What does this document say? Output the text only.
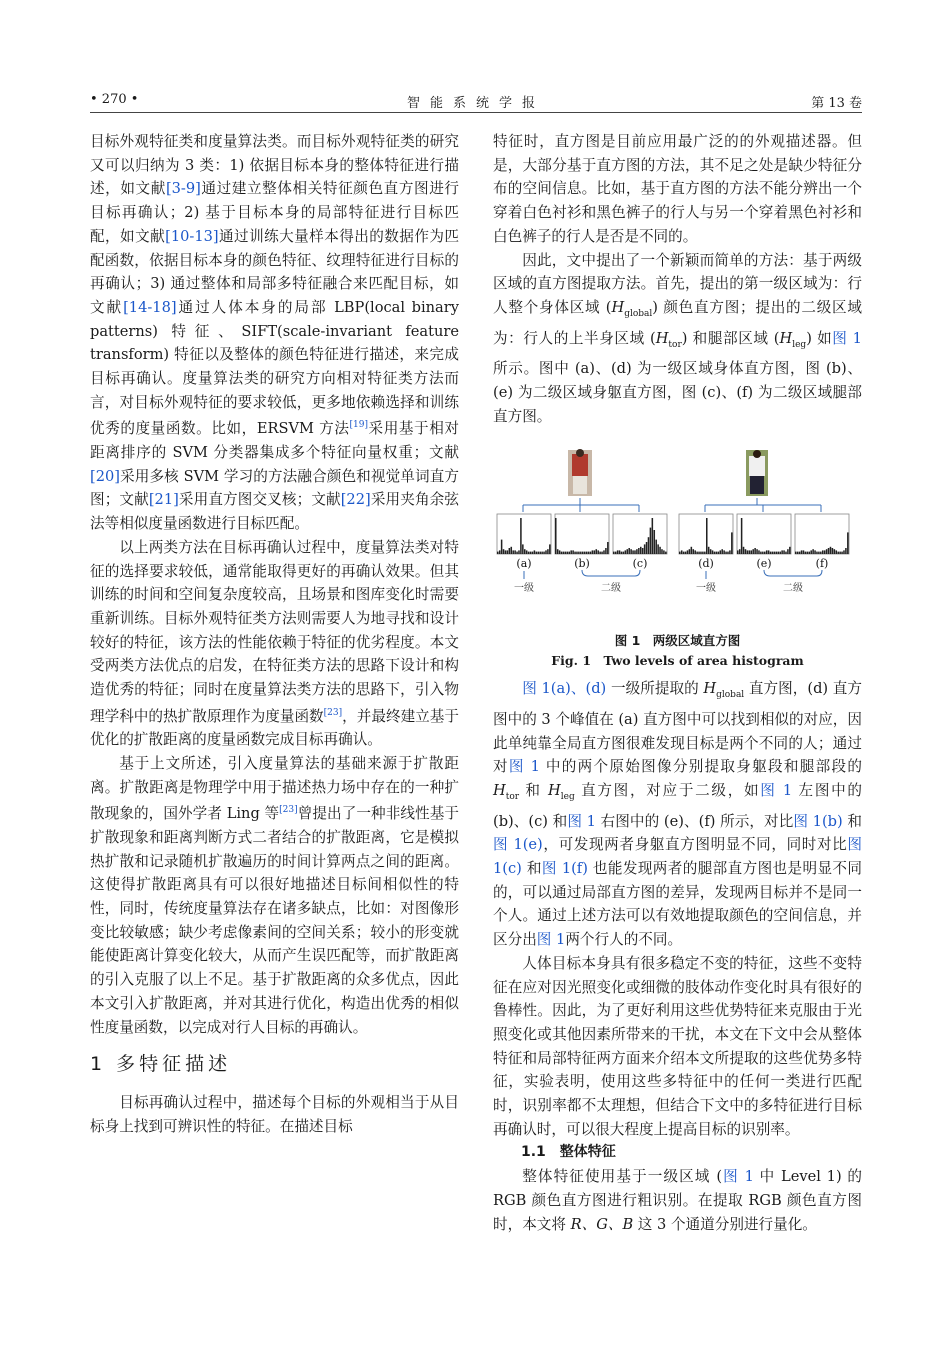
• 270 •	智能系统学报	第 13 卷

目标外观特征类和度量算法类。而目标外观特征类的研究又可以归纳为 3 类：1) 依据目标本身的整体特征进行描述，如文献[3-9]通过建立整体相关特征颜色直方图进行目标再确认；2) 基于目标本身的局部特征进行目标匹配，如文献[10-13]通过训练大量样本得出的数据作为匹配函数，依据目标本身的颜色特征、纹理特征进行目标的再确认；3) 通过整体和局部多特征融合来匹配目标，如文献[14-18]通过人体本身的局部 LBP(local binary patterns) 特征、SIFT(scale-invariant feature transform) 特征以及整体的颜色特征进行描述，来完成目标再确认。度量算法类的研究方向相对特征类方法而言，对目标外观特征的要求较低，更多地依赖选择和训练优秀的度量函数。比如，ERSVM 方法[19]采用基于相对距离排序的 SVM 分类器集成多个特征向量权重；文献[20]采用多核 SVM 学习的方法融合颜色和视觉单词直方图；文献[21]采用直方图交叉核；文献[22]采用夹角余弦法等相似度量函数进行目标匹配。

以上两类方法在目标再确认过程中，度量算法类对特征的选择要求较低，通常能取得更好的再确认效果。但其训练的时间和空间复杂度较高，且场景和图库变化时需要重新训练。目标外观特征类方法则需要人为地寻找和设计较好的特征，该方法的性能依赖于特征的优劣程度。本文受两类方法优点的启发，在特征类方法的思路下设计和构造优秀的特征；同时在度量算法类方法的思路下，引入物理学科中的热扩散原理作为度量函数[23]，并最终建立基于优化的扩散距离的度量函数完成目标再确认。

基于上文所述，引入度量算法的基础来源于扩散距离。扩散距离是物理学中用于描述热力场中存在的一种扩散现象的，国外学者 Ling 等[23]曾提出了一种非线性基于扩散现象和距离判断方式二者结合的扩散距离，它是模拟热扩散和记录随机扩散遍历的时间计算两点之间的距离。这使得扩散距离具有可以很好地描述目标间相似性的特性，同时，传统度量算法存在诸多缺点，比如：对图像形变比较敏感；缺少考虑像素间的空间关系；较小的形变就能使距离计算变化较大，从而产生误匹配等，而扩散距离的引入克服了以上不足。基于扩散距离的众多优点，因此本文引入扩散距离，并对其进行优化，构造出优秀的相似性度量函数，以完成对行人目标的再确认。

1 多特征描述

目标再确认过程中，描述每个目标的外观相当于从目标身上找到可辨识性的特征。在描述目标

特征时，直方图是目前应用最广泛的的外观描述器。但是，大部分基于直方图的方法，其不足之处是缺少特征分布的空间信息。比如，基于直方图的方法不能分辨出一个穿着白色衬衫和黑色裤子的行人与另一个穿着黑色衬衫和白色裤子的行人是否是不同的。

因此，文中提出了一个新颖而简单的方法：基于两级区域的直方图提取方法。首先，提出的第一级区域为：行人整个身体区域 $(H_{global})$ 颜色直方图；提出的二级区域为：行人的上半身区域 $(H_{tor})$ 和腿部区域 $(H_{leg})$ 如图 1 所示。图中 (a)、(d) 为一级区域身体直方图，图 (b)、(e) 为二级区域身躯直方图，图 (c)、(f) 为二级区域腿部直方图。

(a)	(b)	(c)	(d)	(e)	(f)
一级	二级	一级	二级
图 1　两级区域直方图
Fig. 1　Two levels of area histogram

图 1(a)、(d) 一级所提取的 $H_{global}$ 直方图，(d) 直方图中的 3 个峰值在 (a) 直方图中可以找到相似的对应，因此单纯靠全局直方图很难发现目标是两个不同的人；通过对图 1 中的两个原始图像分别提取身躯段和腿部段的 $H_{tor}$ 和 $H_{leg}$ 直方图，对应于二级，如图 1 左图中的 (b)、(c) 和图 1 右图中的 (e)、(f) 所示，对比图 1(b) 和图 1(e)，可发现两者身躯直方图明显不同，同时对比图 1(c) 和图 1(f) 也能发现两者的腿部直方图也是明显不同的，可以通过局部直方图的差异，发现两目标并不是同一个人。通过上述方法可以有效地提取颜色的空间信息，并区分出图 1两个行人的不同。

人体目标本身具有很多稳定不变的特征，这些不变特征在应对因光照变化或细微的肢体动作变化时具有很好的鲁棒性。因此，为了更好利用这些优势特征来克服由于光照变化或其他因素所带来的干扰，本文在下文中会从整体特征和局部特征两方面来介绍本文所提取的这些优势多特征，实验表明，使用这些多特征中的任何一类进行匹配时，识别率都不太理想，但结合下文中的多特征进行目标再确认时，可以很大程度上提高目标的识别率。

1.1　整体特征

整体特征使用基于一级区域 (图 1 中 Level 1) 的 RGB 颜色直方图进行粗识别。在提取 RGB 颜色直方图时，本文将 R、G、B 这 3 个通道分别进行量化。
